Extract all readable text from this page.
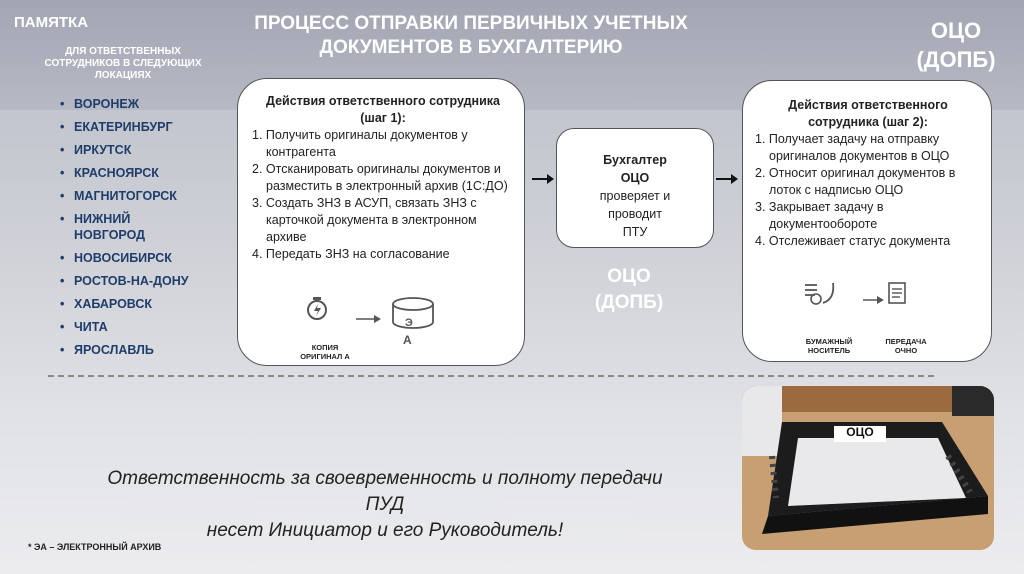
ПАМЯТКА
ДЛЯ ОТВЕТСТВЕННЫХ СОТРУДНИКОВ В СЛЕДУЮЩИХ ЛОКАЦИЯХ
• ВОРОНЕЖ
• ЕКАТЕРИНБУРГ
• ИРКУТСК
• КРАСНОЯРСК
• МАГНИТОГОРСК
• НИЖНИЙ НОВГОРОД
• НОВОСИБИРСК
• РОСТОВ-НА-ДОНУ
• ХАБАРОВСК
• ЧИТА
• ЯРОСЛАВЛЬ
ПРОЦЕСС ОТПРАВКИ ПЕРВИЧНЫХ УЧЕТНЫХ ДОКУМЕНТОВ В БУХГАЛТЕРИЮ
ОЦО
(ДОПБ)
Действия ответственного сотрудника (шаг 1):
1. Получить оригиналы документов у контрагента
2. Отсканировать оригиналы документов и разместить в электронный архив (1С:ДО)
3. Создать ЗНЗ в АСУП, связать ЗНЗ с карточкой документа в электронном архиве
4. Передать ЗНЗ на согласование
Э
А
КОПИЯ ОРИГИНАЛ А
Бухгалтер
ОЦО
проверяет и
проводит
ПТУ
ОЦО
(ДОПБ)
Действия ответственного сотрудника (шаг 2):
1. Получает задачу на отправку оригиналов документов в ОЦО
2. Относит оригинал документов в лоток с надписью ОЦО
3. Закрывает задачу в документообороте
4. Отслеживает статус документа
БУМАЖНЫЙ НОСИТЕЛЬ
ПЕРЕДАЧА ОЧНО
Ответственность за своевременность и полноту передачи
ПУД
несет Инициатор и его Руководитель!
* ЭА – ЭЛЕКТРОННЫЙ АРХИВ
ОЦО
